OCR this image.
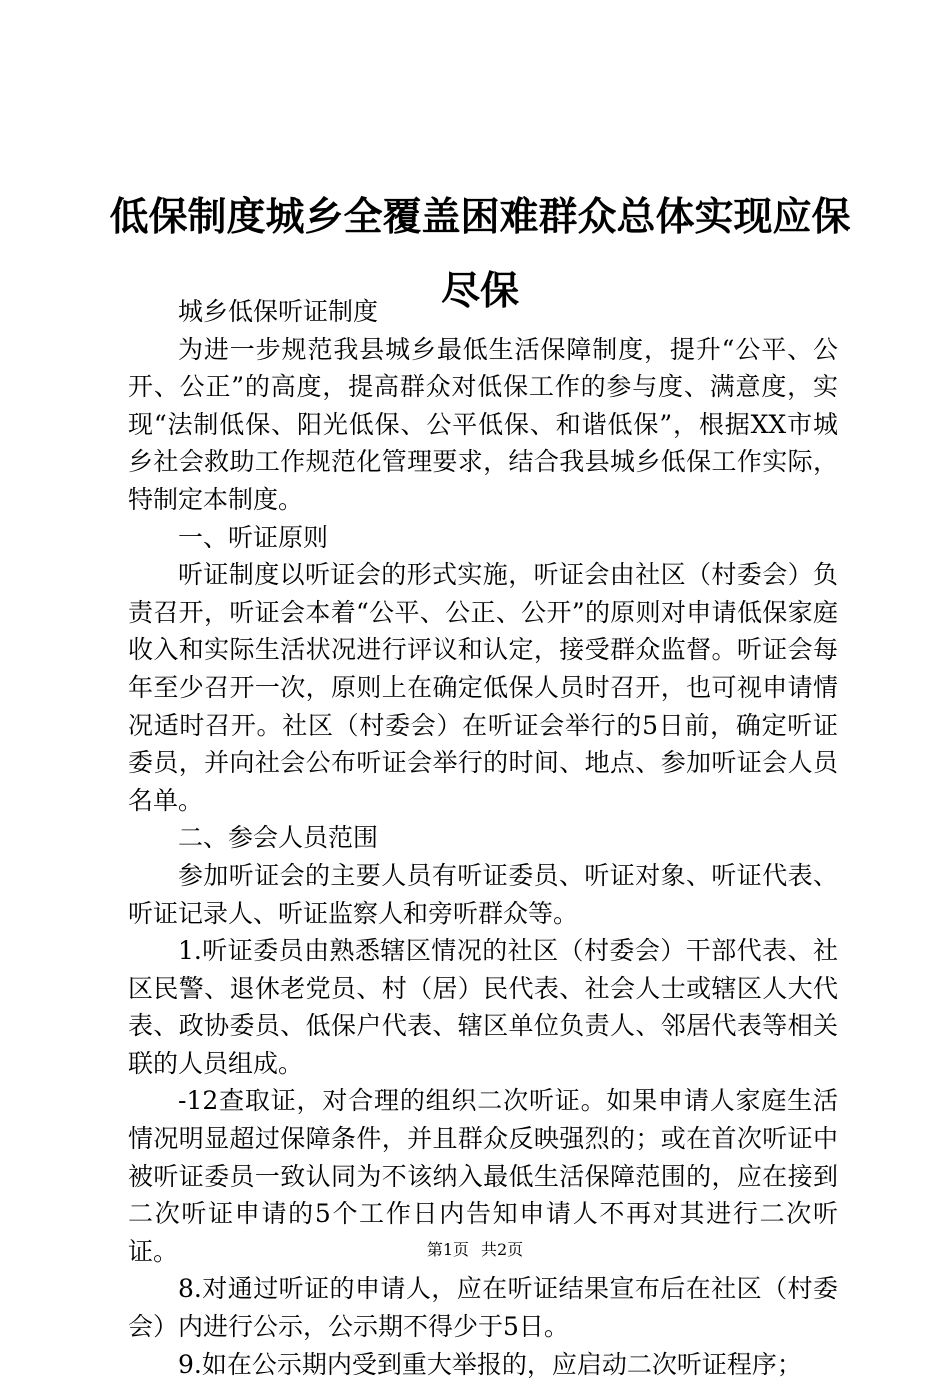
低保制度城乡全覆盖困难群众总体实现应保尽保

城乡低保听证制度

为进一步规范我县城乡最低生活保障制度，提升“公平、公开、公正”的高度，提高群众对低保工作的参与度、满意度，实现“法制低保、阳光低保、公平低保、和谐低保”，根据XX市城乡社会救助工作规范化管理要求，结合我县城乡低保工作实际，特制定本制度。

一、听证原则

听证制度以听证会的形式实施，听证会由社区（村委会）负责召开，听证会本着“公平、公正、公开”的原则对申请低保家庭收入和实际生活状况进行评议和认定，接受群众监督。听证会每年至少召开一次，原则上在确定低保人员时召开，也可视申请情况适时召开。社区（村委会）在听证会举行的5日前，确定听证委员，并向社会公布听证会举行的时间、地点、参加听证会人员名单。

二、参会人员范围

参加听证会的主要人员有听证委员、听证对象、听证代表、听证记录人、听证监察人和旁听群众等。

1.听证委员由熟悉辖区情况的社区（村委会）干部代表、社区民警、退休老党员、村（居）民代表、社会人士或辖区人大代表、政协委员、低保户代表、辖区单位负责人、邻居代表等相关联的人员组成。

-12查取证，对合理的组织二次听证。如果申请人家庭生活情况明显超过保障条件，并且群众反映强烈的；或在首次听证中被听证委员一致认同为不该纳入最低生活保障范围的，应在接到二次听证申请的5个工作日内告知申请人不再对其进行二次听证。

8.对通过听证的申请人，应在听证结果宣布后在社区（村委会）内进行公示，公示期不得少于5日。

9.如在公示期内受到重大举报的，应启动二次听证程序；

第1页 共2页
